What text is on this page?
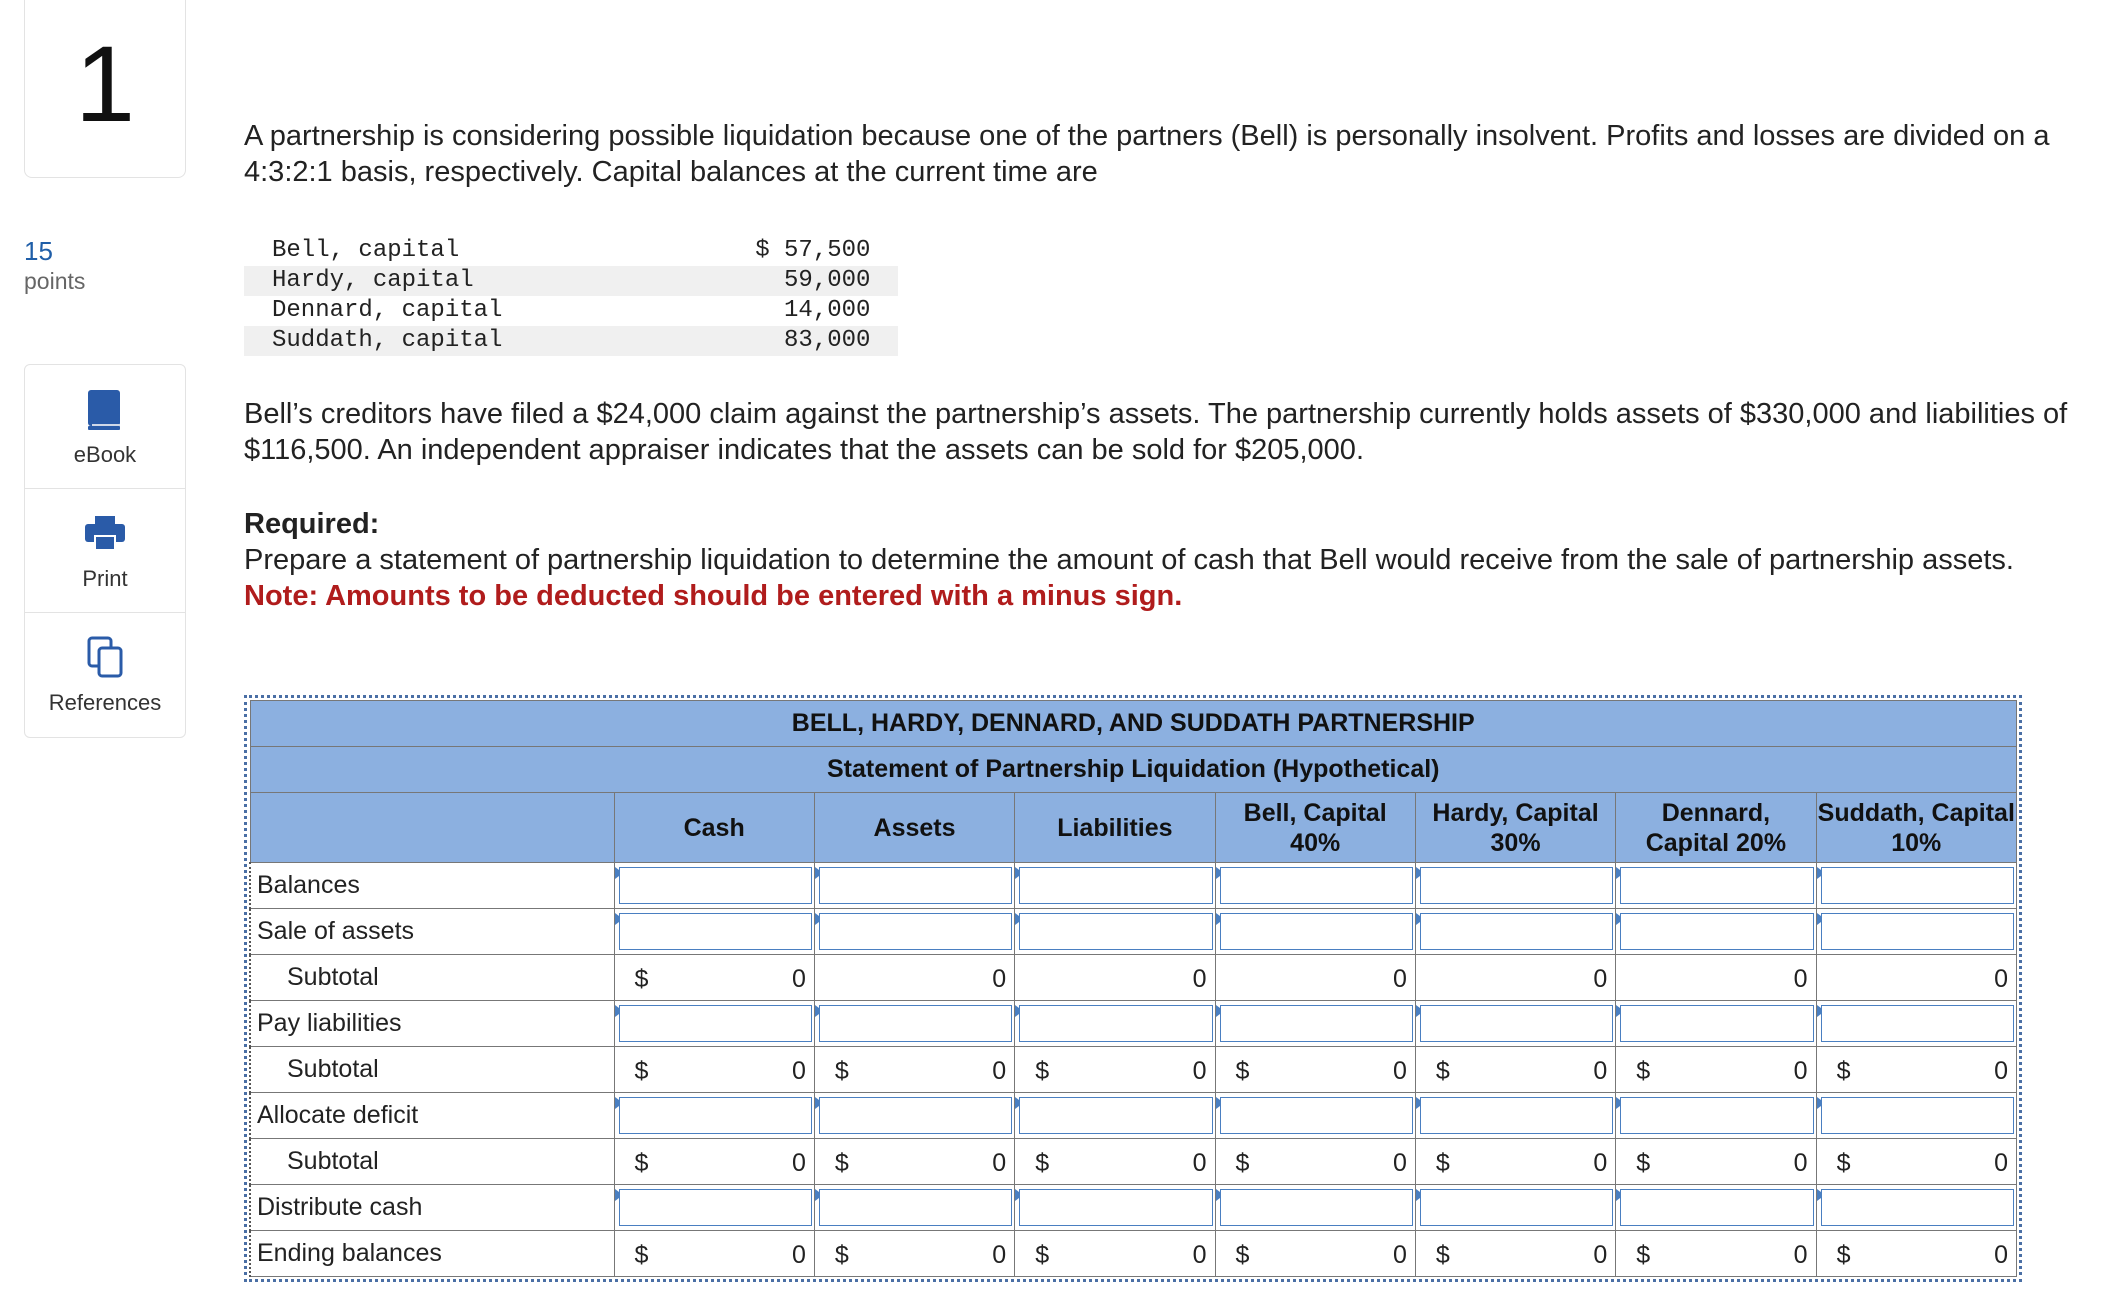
1
15
points
eBook
Print
References

A partnership is considering possible liquidation because one of the partners (Bell) is personally insolvent. Profits and losses are divided on a 4:3:2:1 basis, respectively. Capital balances at the current time are

Bell, capital	$ 57,500
Hardy, capital	59,000
Dennard, capital	14,000
Suddath, capital	83,000

Bell’s creditors have filed a $24,000 claim against the partnership’s assets. The partnership currently holds assets of $330,000 and liabilities of $116,500. An independent appraiser indicates that the assets can be sold for $205,000.

Required:
Prepare a statement of partnership liquidation to determine the amount of cash that Bell would receive from the sale of partnership assets.
Note: Amounts to be deducted should be entered with a minus sign.
BELL, HARDY, DENNARD, AND SUDDATH PARTNERSHIP							
Statement of Partnership Liquidation (Hypothetical)							
	Cash	Assets	Liabilities	Bell, Capital 40%	Hardy, Capital 30%	Dennard, Capital 20%	Suddath, Capital 10%
Balances	

Sale of assets	

Subtotal	$ 0	0	0	0	0	0	0

Pay liabilities	

Subtotal	$ 0	$ 0	$ 0	$ 0	$ 0	$ 0	$ 0

Allocate deficit	

Subtotal	$ 0	$ 0	$ 0	$ 0	$ 0	$ 0	$ 0

Distribute cash	

Ending balances	$ 0	$ 0	$ 0	$ 0	$ 0	$ 0	$ 0
